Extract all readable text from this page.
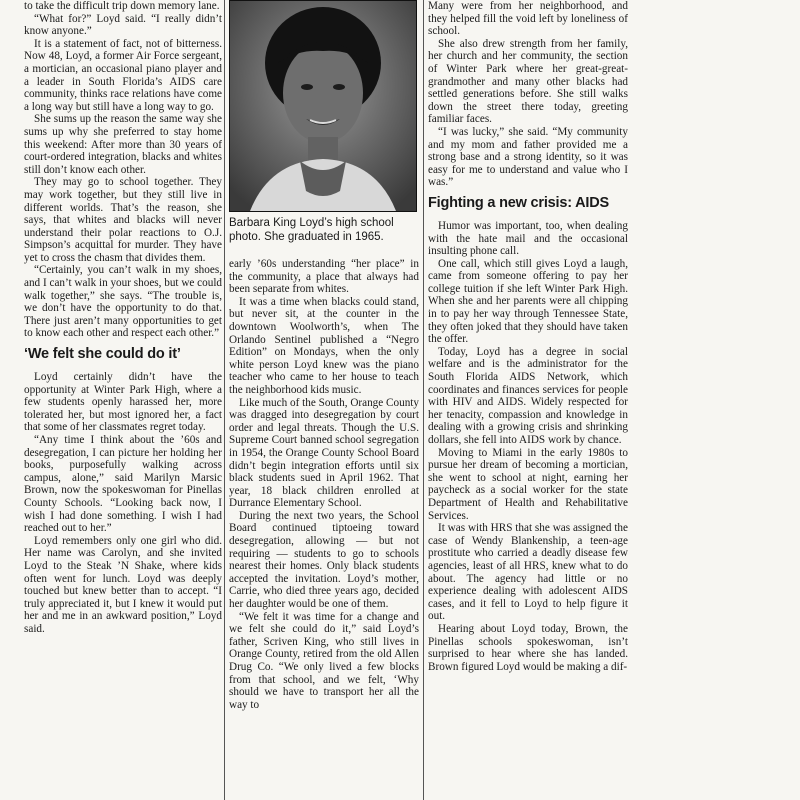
to take the difficult trip down memory lane.

“What for?” Loyd said. “I really didn’t know anyone.”

It is a statement of fact, not of bitterness. Now 48, Loyd, a former Air Force sergeant, a mortician, an occasional piano player and a leader in South Florida’s AIDS care community, thinks race relations have come a long way but still have a long way to go.

She sums up the reason the same way she sums up why she preferred to stay home this weekend: After more than 30 years of court-ordered integration, blacks and whites still don’t know each other.

They may go to school together. They may work together, but they still live in different worlds. That’s the reason, she says, that whites and blacks will never understand their polar reactions to O.J. Simpson’s acquittal for murder. They have yet to cross the chasm that divides them.

“Certainly, you can’t walk in my shoes, and I can’t walk in your shoes, but we could walk together,” she says. “The trouble is, we don’t have the opportunity to do that. There just aren’t many opportunities to get to know each other and respect each other.”

‘We felt she could do it’

Loyd certainly didn’t have the opportunity at Winter Park High, where a few students openly harassed her, more tolerated her, but most ignored her, a fact that some of her classmates regret today.

“Any time I think about the ’60s and desegregation, I can picture her holding her books, purposefully walking across campus, alone,” said Marilyn Marsic Brown, now the spokeswoman for Pinellas County Schools. “Looking back now, I wish I had done something. I wish I had reached out to her.”

Loyd remembers only one girl who did. Her name was Carolyn, and she invited Loyd to the Steak ’N Shake, where kids often went for lunch. Loyd was deeply touched but knew better than to accept. “I truly appreciated it, but I knew it would put her and me in an awkward position,” Loyd said.

Barbara King Loyd’s high school photo. She graduated in 1965.

early ’60s understanding “her place” in the community, a place that always had been separate from whites.

It was a time when blacks could stand, but never sit, at the counter in the downtown Woolworth’s, when The Orlando Sentinel published a “Negro Edition” on Mondays, when the only white person Loyd knew was the piano teacher who came to her house to teach the neighborhood kids music.

Like much of the South, Orange County was dragged into desegregation by court order and legal threats. Though the U.S. Supreme Court banned school segregation in 1954, the Orange County School Board didn’t begin integration efforts until six black students sued in April 1962. That year, 18 black children enrolled at Durrance Elementary School.

During the next two years, the School Board continued tiptoeing toward desegregation, allowing — but not requiring — students to go to schools nearest their homes. Only black students accepted the invitation. Loyd’s mother, Carrie, who died three years ago, decided her daughter would be one of them.

“We felt it was time for a change and we felt she could do it,” said Loyd’s father, Scriven King, who still lives in Orange County, retired from the old Allen Drug Co. “We only lived a few blocks from that school, and we felt, ‘Why should we have to transport her all the way to

Many were from her neighborhood, and they helped fill the void left by loneliness of school.

She also drew strength from her family, her church and her community, the section of Winter Park where her great-great-grandmother and many other blacks had settled generations before. She still walks down the street there today, greeting familiar faces.

“I was lucky,” she said. “My community and my mom and father provided me a strong base and a strong identity, so it was easy for me to understand and value who I was.”

Fighting a new crisis: AIDS

Humor was important, too, when dealing with the hate mail and the occasional insulting phone call.

One call, which still gives Loyd a laugh, came from someone offering to pay her college tuition if she left Winter Park High. When she and her parents were all chipping in to pay her way through Tennessee State, they often joked that they should have taken the offer.

Today, Loyd has a degree in social welfare and is the administrator for the South Florida AIDS Network, which coordinates and finances services for people with HIV and AIDS. Widely respected for her tenacity, compassion and knowledge in dealing with a growing crisis and shrinking dollars, she fell into AIDS work by chance.

Moving to Miami in the early 1980s to pursue her dream of becoming a mortician, she went to school at night, earning her paycheck as a social worker for the state Department of Health and Rehabilitative Services.

It was with HRS that she was assigned the case of Wendy Blankenship, a teen-age prostitute who carried a deadly disease few agencies, least of all HRS, knew what to do about. The agency had little or no experience dealing with adolescent AIDS cases, and it fell to Loyd to help figure it out.

Hearing about Loyd today, Brown, the Pinellas schools spokeswoman, isn’t surprised to hear where she has landed. Brown figured Loyd would be making a dif-
